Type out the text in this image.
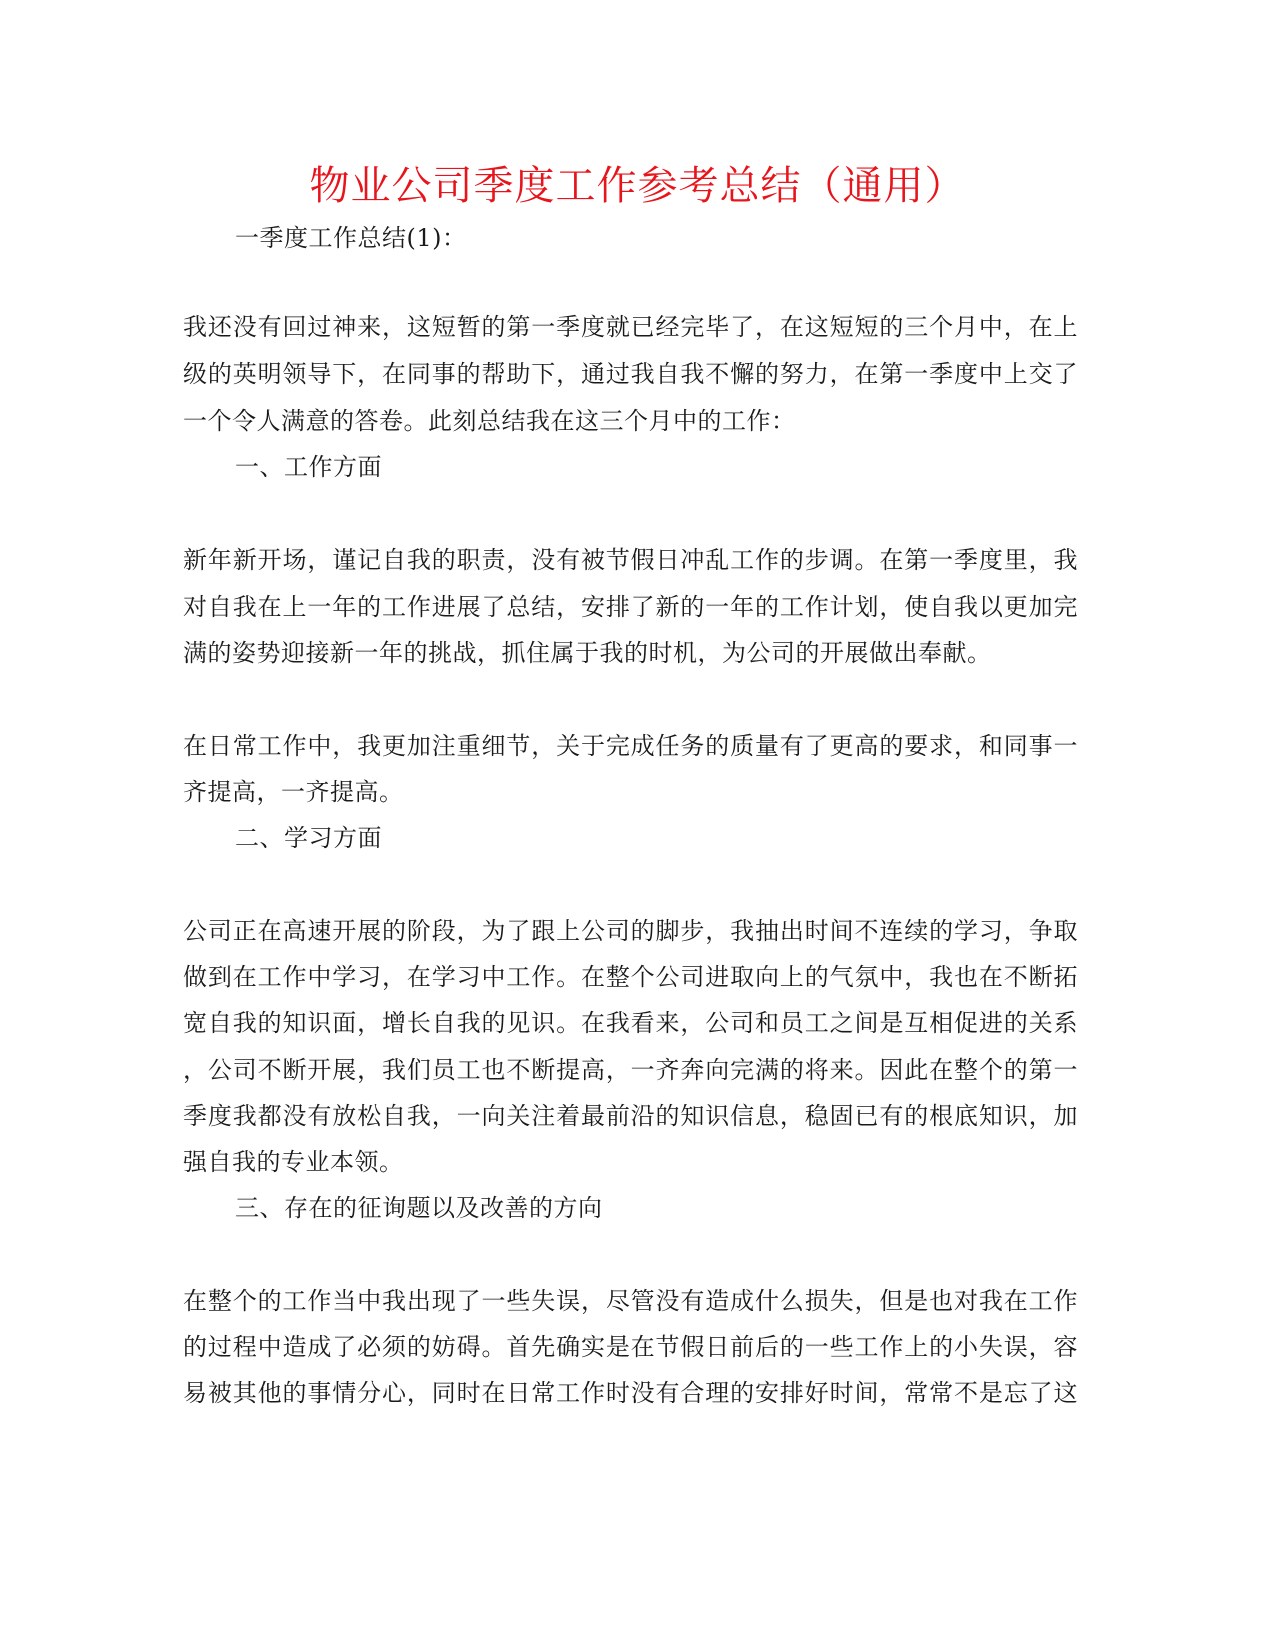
物业公司季度工作参考总结（通用）
一季度工作总结(1)：
我还没有回过神来，这短暂的第一季度就已经完毕了，在这短短的三个月中，在上
级的英明领导下，在同事的帮助下，通过我自我不懈的努力，在第一季度中上交了
一个令人满意的答卷。此刻总结我在这三个月中的工作：
一、工作方面
新年新开场，谨记自我的职责，没有被节假日冲乱工作的步调。在第一季度里，我
对自我在上一年的工作进展了总结，安排了新的一年的工作计划，使自我以更加完
满的姿势迎接新一年的挑战，抓住属于我的时机，为公司的开展做出奉献。
在日常工作中，我更加注重细节，关于完成任务的质量有了更高的要求，和同事一
齐提高，一齐提高。
二、学习方面
公司正在高速开展的阶段，为了跟上公司的脚步，我抽出时间不连续的学习，争取
做到在工作中学习，在学习中工作。在整个公司进取向上的气氛中，我也在不断拓
宽自我的知识面，增长自我的见识。在我看来，公司和员工之间是互相促进的关系
，公司不断开展，我们员工也不断提高，一齐奔向完满的将来。因此在整个的第一
季度我都没有放松自我，一向关注着最前沿的知识信息，稳固已有的根底知识，加
强自我的专业本领。
三、存在的征询题以及改善的方向
在整个的工作当中我出现了一些失误，尽管没有造成什么损失，但是也对我在工作
的过程中造成了必须的妨碍。首先确实是在节假日前后的一些工作上的小失误，容
易被其他的事情分心，同时在日常工作时没有合理的安排好时间，常常不是忘了这
